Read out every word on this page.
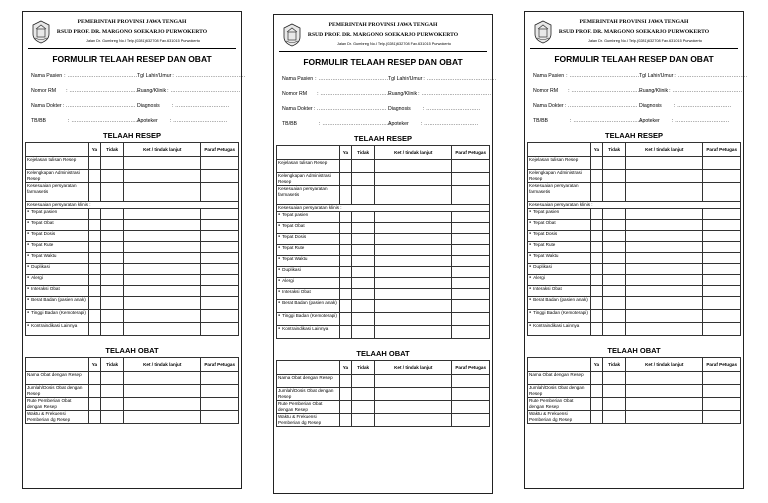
PEMERINTAH PROVINSI JAWA TENGAH
RSUD PROF. DR. MARGONO SOEKARJO PURWOKERTO
Jalan Dr. Gumbreg No.I Telp.(0281)632708 Fax.631015 Purwokerto
FORMULIR TELAAH RESEP DAN OBAT
Nama Pasien : ........................................ Tgl Lahir/Umur : ........................................
Nomor RM : ........................................
Ruang/Klinik : ........................................
Nama Dokter : ........................................ Diagnosis : ...............................
TB/BB	: ........................................
Apoteker : ...............................
TELAAH RESEP
	Ya	Tidak	Ket / tindak lanjut	Paraf Petugas
Kejelasan tulisan Resep				
Kelengkapan Administrasi Resep				
Kesesuaian persyaratan farmasetis				
Kesesuaian persyaratan klinis :				
● Tepat pasien				
● Tepat Obat				
● Tepat Dosis				
● Tepat Rute				
● Tepat Waktu				
● Duplikasi				
● Alergi				
● Interaksi Obat				
● Berat Badan (pasien anak)				
● Tinggi Badan (Kemoterapi)				
● Kontraindikasi Lainnya				
TELAAH OBAT
	Ya	Tidak	Ket / tindak lanjut	Paraf Petugas
Nama Obat dengan Resep				
Jumlah/Dosis Obat dengan Resep				
Rute Pemberian Obat dengan Resep				
Waktu & Frekuensi Pemberian dg Resep				
PEMERINTAH PROVINSI JAWA TENGAH
RSUD PROF. DR. MARGONO SOEKARJO PURWOKERTO
Jalan Dr. Gumbreg No.I Telp.(0281)632708 Fax.631015 Purwokerto
FORMULIR TELAAH RESEP DAN OBAT
Nama Pasien : ........................................ Tgl Lahir/Umur : ........................................
Nomor RM : ........................................
Ruang/Klinik : ........................................
Nama Dokter : ........................................ Diagnosis : ...............................
TB/BB	: ........................................
Apoteker : ...............................
TELAAH RESEP
	Ya	Tidak	Ket / tindak lanjut	Paraf Petugas
Kejelasan tulisan Resep				
Kelengkapan Administrasi Resep				
Kesesuaian persyaratan farmasetis				
Kesesuaian persyaratan klinis :				
● Tepat pasien				
● Tepat Obat				
● Tepat Dosis				
● Tepat Rute				
● Tepat Waktu				
● Duplikasi				
● Alergi				
● Interaksi Obat				
● Berat Badan (pasien anak)				
● Tinggi Badan (Kemoterapi)				
● Kontraindikasi Lainnya				
TELAAH OBAT
	Ya	Tidak	Ket / tindak lanjut	Paraf Petugas
Nama Obat dengan Resep				
Jumlah/Dosis Obat dengan Resep				
Rute Pemberian Obat dengan Resep				
Waktu & Frekuensi Pemberian dg Resep				
PEMERINTAH PROVINSI JAWA TENGAH
RSUD PROF. DR. MARGONO SOEKARJO PURWOKERTO
Jalan Dr. Gumbreg No.I Telp.(0281)632708 Fax.631015 Purwokerto
FORMULIR TELAAH RESEP DAN OBAT
Nama Pasien : ........................................ Tgl Lahir/Umur : ........................................
Nomor RM : ........................................
Ruang/Klinik : ........................................
Nama Dokter : ........................................ Diagnosis : ...............................
TB/BB	: ........................................
Apoteker : ...............................
TELAAH RESEP
	Ya	Tidak	Ket / tindak lanjut	Paraf Petugas
Kejelasan tulisan Resep				
Kelengkapan Administrasi Resep				
Kesesuaian persyaratan farmasetis				
Kesesuaian persyaratan klinis :				
● Tepat pasien				
● Tepat Obat				
● Tepat Dosis				
● Tepat Rute				
● Tepat Waktu				
● Duplikasi				
● Alergi				
● Interaksi Obat				
● Berat Badan (pasien anak)				
● Tinggi Badan (Kemoterapi)				
● Kontraindikasi Lainnya				
TELAAH OBAT
	Ya	Tidak	Ket / tindak lanjut	Paraf Petugas
Nama Obat dengan Resep				
Jumlah/Dosis Obat dengan Resep				
Rute Pemberian Obat dengan Resep				
Waktu & Frekuensi Pemberian dg Resep				
